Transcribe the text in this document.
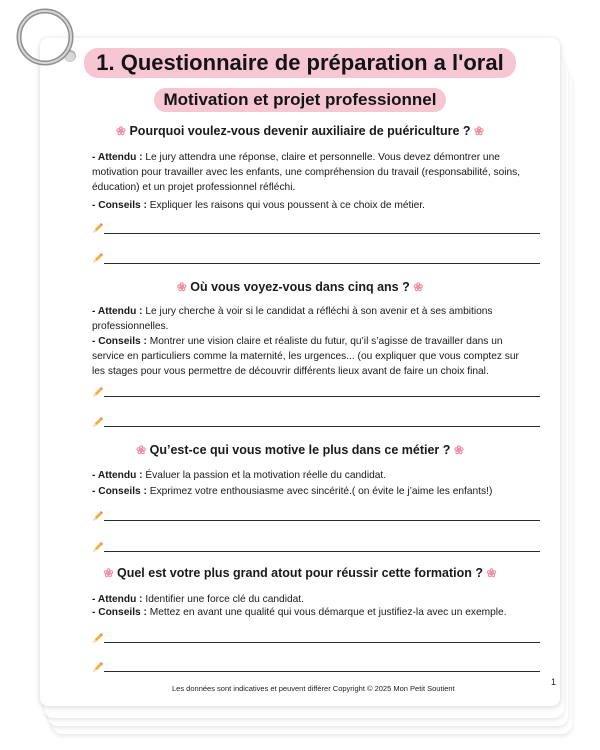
1. Questionnaire de préparation a l'oral
Motivation et projet professionnel
❀ Pourquoi voulez-vous devenir auxiliaire de puériculture ? ❀
- Attendu : Le jury attendra une réponse, claire et personnelle. Vous devez démontrer une motivation pour travailler avec les enfants, une compréhension du travail (responsabilité, soins, éducation) et un projet professionnel réfléchi.
- Conseils : Expliquer les raisons qui vous poussent à ce choix de métier.
❀ Où vous voyez-vous dans cinq ans ? ❀
- Attendu : Le jury cherche à voir si le candidat a réfléchi à son avenir et à ses ambitions professionnelles.
- Conseils : Montrer une vision claire et réaliste du futur, qu’il s’agisse de travailler dans un service en particuliers comme la maternité, les urgences... (ou expliquer que vous comptez sur les stages pour vous permettre de découvrir différents lieux avant de faire un choix final.
❀ Qu’est-ce qui vous motive le plus dans ce métier ? ❀
- Attendu : Évaluer la passion et la motivation réelle du candidat.
- Conseils : Exprimez votre enthousiasme avec sincérité.( on évite le j’aime les enfants!)
❀ Quel est votre plus grand atout pour réussir cette formation ? ❀
- Attendu : Identifier une force clé du candidat.
- Conseils : Mettez en avant une qualité qui vous démarque et justifiez-la avec un exemple.
Les données sont indicatives et peuvent différer Copyright © 2025 Mon Petit Soutient
1
